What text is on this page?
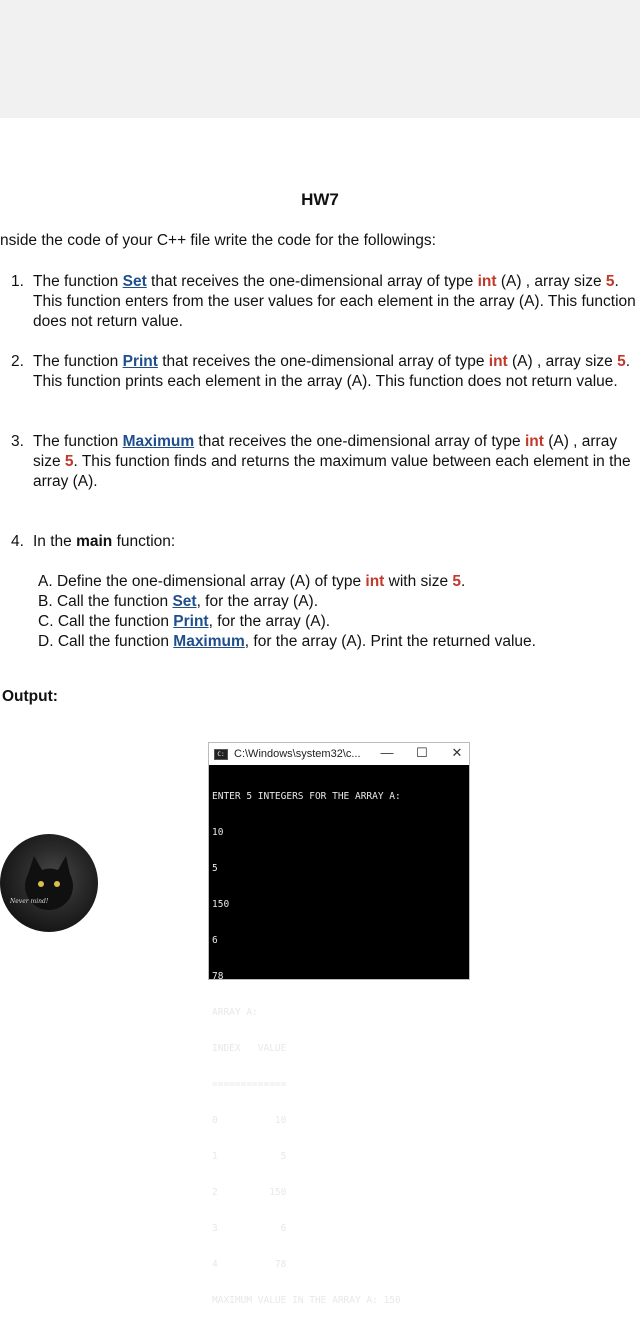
HW7
nside the code of your C++ file write the code for the followings:
1. The function Set that receives the one-dimensional array of type int (A) , array size 5. This function enters from the user values for each element in the array (A). This function does not return value.
2. The function Print that receives the one-dimensional array of type int (A) , array size 5. This function prints each element in the array (A). This function does not return value.
3. The function Maximum that receives the one-dimensional array of type int (A) , array size 5. This function finds and returns the maximum value between each element in the array (A).
4. In the main function:
A. Define the one-dimensional array (A) of type int with size 5.
B. Call the function Set, for the array (A).
C. Call the function Print, for the array (A).
D. Call the function Maximum, for the array (A). Print the returned value.
Output:
C: C:\Windows\system32\c... —	☐	✕

ENTER 5 INTEGERS FOR THE ARRAY A:

10

5

150

6

78

ARRAY A:

INDEX   VALUE

=============

0          10

1           5

2         150

3           6

4          78

MAXIMUM VALUE IN THE ARRAY A: 150

Never mind!
